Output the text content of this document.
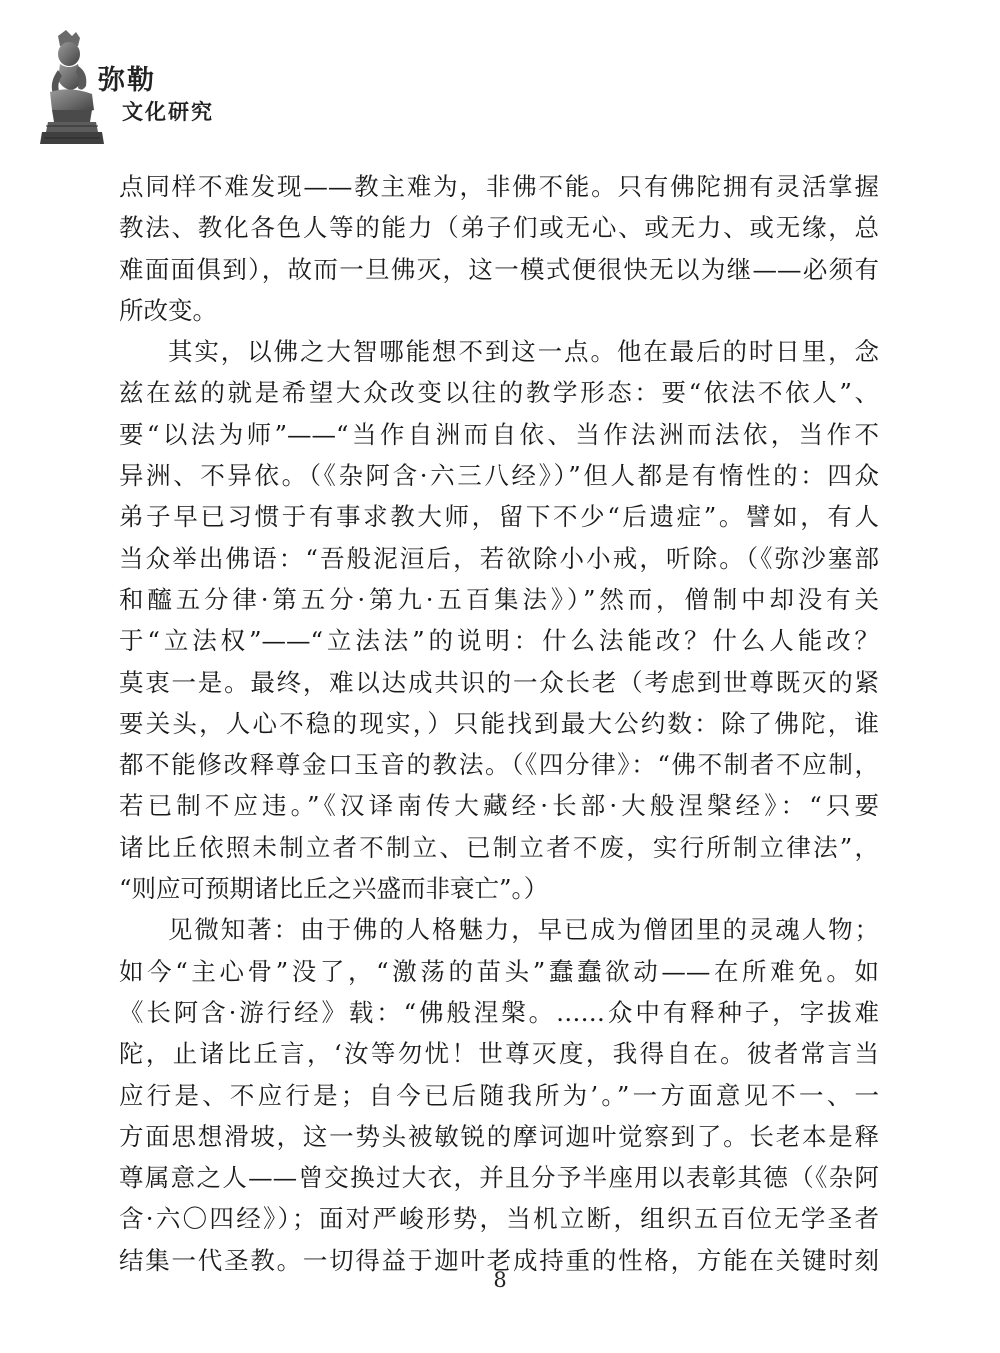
弥勒
文化研究
点同样不难发现——教主难为，非佛不能。只有佛陀拥有灵活掌握
教法、教化各色人等的能力（弟子们或无心、或无力、或无缘，总
难面面俱到），故而一旦佛灭，这一模式便很快无以为继——必须有
所改变。
其实，以佛之大智哪能想不到这一点。他在最后的时日里，念
兹在兹的就是希望大众改变以往的教学形态：要“依法不依人”、
要“以法为师”——“当作自洲而自依、当作法洲而法依，当作不
异洲、不异依。（《杂阿含·六三八经》）”但人都是有惰性的：四众
弟子早已习惯于有事求教大师，留下不少“后遗症”。譬如，有人
当众举出佛语：“吾般泥洹后，若欲除小小戒，听除。（《弥沙塞部
和醯五分律·第五分·第九·五百集法》）”然而，僧制中却没有关
于“立法权”——“立法法”的说明：什么法能改？什么人能改？
莫衷一是。最终，难以达成共识的一众长老（考虑到世尊既灭的紧
要关头，人心不稳的现实，）只能找到最大公约数：除了佛陀，谁
都不能修改释尊金口玉音的教法。（《四分律》：“佛不制者不应制，
若已制不应违。”《汉译南传大藏经·长部·大般涅槃经》：“只要
诸比丘依照未制立者不制立、已制立者不废，实行所制立律法”，
“则应可预期诸比丘之兴盛而非衰亡”。）
见微知著：由于佛的人格魅力，早已成为僧团里的灵魂人物；
如今“主心骨”没了，“激荡的苗头”蠢蠢欲动——在所难免。如
《长阿含·游行经》载：“佛般涅槃。……众中有释种子，字拔难
陀，止诸比丘言，‘汝等勿忧！世尊灭度，我得自在。彼者常言当
应行是、不应行是；自今已后随我所为’。”一方面意见不一、一
方面思想滑坡，这一势头被敏锐的摩诃迦叶觉察到了。长老本是释
尊属意之人——曾交换过大衣，并且分予半座用以表彰其德（《杂阿
含·六〇四经》）；面对严峻形势，当机立断，组织五百位无学圣者
结集一代圣教。一切得益于迦叶老成持重的性格，方能在关键时刻
8
